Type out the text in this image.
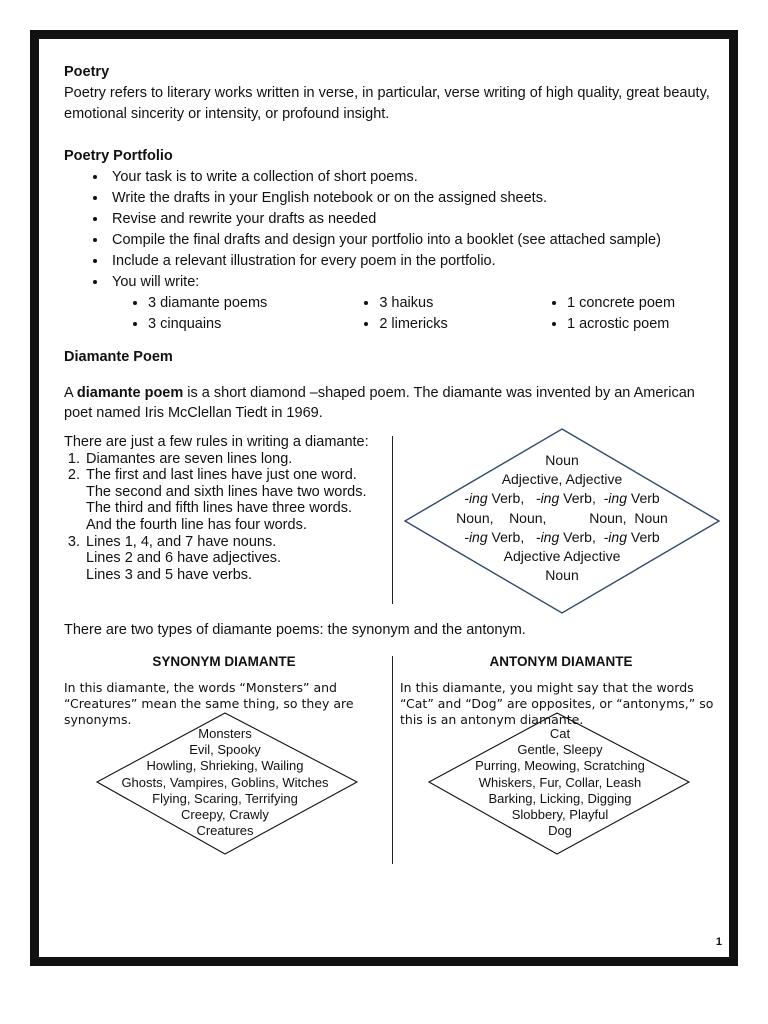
Poetry

Poetry refers to literary works written in verse, in particular, verse writing of high quality, great beauty, emotional sincerity or intensity, or profound insight.

Poetry Portfolio

• Your task is to write a collection of short poems.
• Write the drafts in your English notebook or on the assigned sheets.
• Revise and rewrite your drafts as needed
• Compile the final drafts and design your portfolio into a booklet (see attached sample)
• Include a relevant illustration for every poem in the portfolio.
• You will write:
• 3 diamante poems
• 3 cinquains
• 3 haikus
• 2 limericks
• 1 concrete poem
• 1 acrostic poem

Diamante Poem

A diamante poem is a short diamond –shaped poem. The diamante was invented by an American poet named Iris McClellan Tiedt in 1969.

There are just a few rules in writing a diamante:

1. Diamantes are seven lines long.
2. The first and last lines have just one word.
The second and sixth lines have two words.
The third and fifth lines have three words.
And the fourth line has four words.
3. Lines 1, 4, and 7 have nouns.
Lines 2 and 6 have adjectives.
Lines 3 and 5 have verbs.
Noun
Adjective, Adjective
-ing Verb, -ing Verb, -ing Verb
Noun,    Noun,           Noun,  Noun
-ing Verb, -ing Verb, -ing Verb
Adjective Adjective
Noun

There are two types of diamante poems: the synonym and the antonym.

SYNONYM DIAMANTE	ANTONYM DIAMANTE
In this diamante, the words “Monsters” and “Creatures” mean the same thing, so they are synonyms.
In this diamante, you might say that the words “Cat” and “Dog” are opposites, or “antonyms,” so this is an antonym diamante.
Monsters
Evil, Spooky
Howling, Shrieking, Wailing
Ghosts, Vampires, Goblins, Witches
Flying, Scaring, Terrifying
Creepy, Crawly
Creatures
Cat
Gentle, Sleepy
Purring, Meowing, Scratching
Whiskers, Fur, Collar, Leash
Barking, Licking, Digging
Slobbery, Playful
Dog
1
